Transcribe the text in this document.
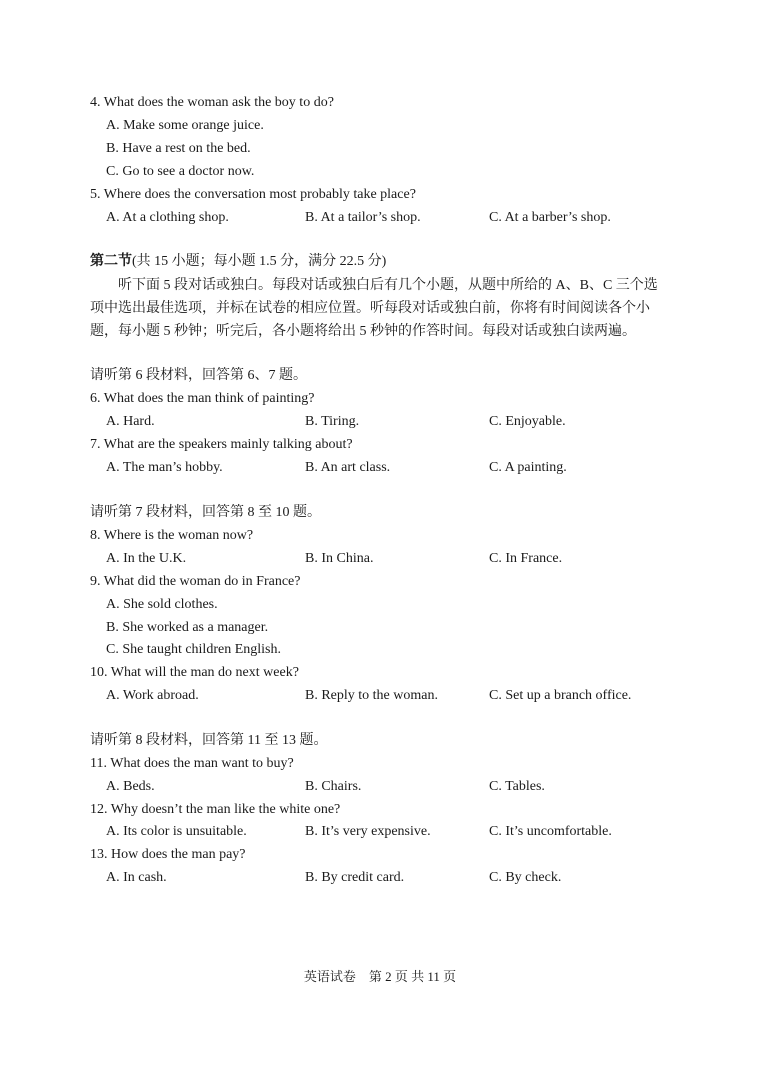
4. What does the woman ask the boy to do?
A. Make some orange juice.
B. Have a rest on the bed.
C. Go to see a doctor now.
5. Where does the conversation most probably take place?
A. At a clothing shop.	B. At a tailor’s shop.	C. At a barber’s shop.
第二节(共 15 小题；每小题 1.5 分，满分 22.5 分)
听下面 5 段对话或独白。每段对话或独白后有几个小题，从题中所给的 A、B、C 三个选项中选出最佳选项，并标在试卷的相应位置。听每段对话或独白前，你将有时间阅读各个小题，每小题 5 秒钟；听完后，各小题将给出 5 秒钟的作答时间。每段对话或独白读两遍。
请听第 6 段材料，回答第 6、7 题。
6. What does the man think of painting?
A. Hard.	B. Tiring.	C. Enjoyable.
7. What are the speakers mainly talking about?
A. The man’s hobby.	B. An art class.	C. A painting.
请听第 7 段材料，回答第 8 至 10 题。
8. Where is the woman now?
A. In the U.K.	B. In China.	C. In France.
9. What did the woman do in France?
A. She sold clothes.
B. She worked as a manager.
C. She taught children English.
10. What will the man do next week?
A. Work abroad.	B. Reply to the woman.	C. Set up a branch office.
请听第 8 段材料，回答第 11 至 13 题。
11. What does the man want to buy?
A. Beds.	B. Chairs.	C. Tables.
12. Why doesn’t the man like the white one?
A. Its color is unsuitable.	B. It’s very expensive.	C. It’s uncomfortable.
13. How does the man pay?
A. In cash.	B. By credit card.	C. By check.
英语试卷　第 2 页 共 11 页
